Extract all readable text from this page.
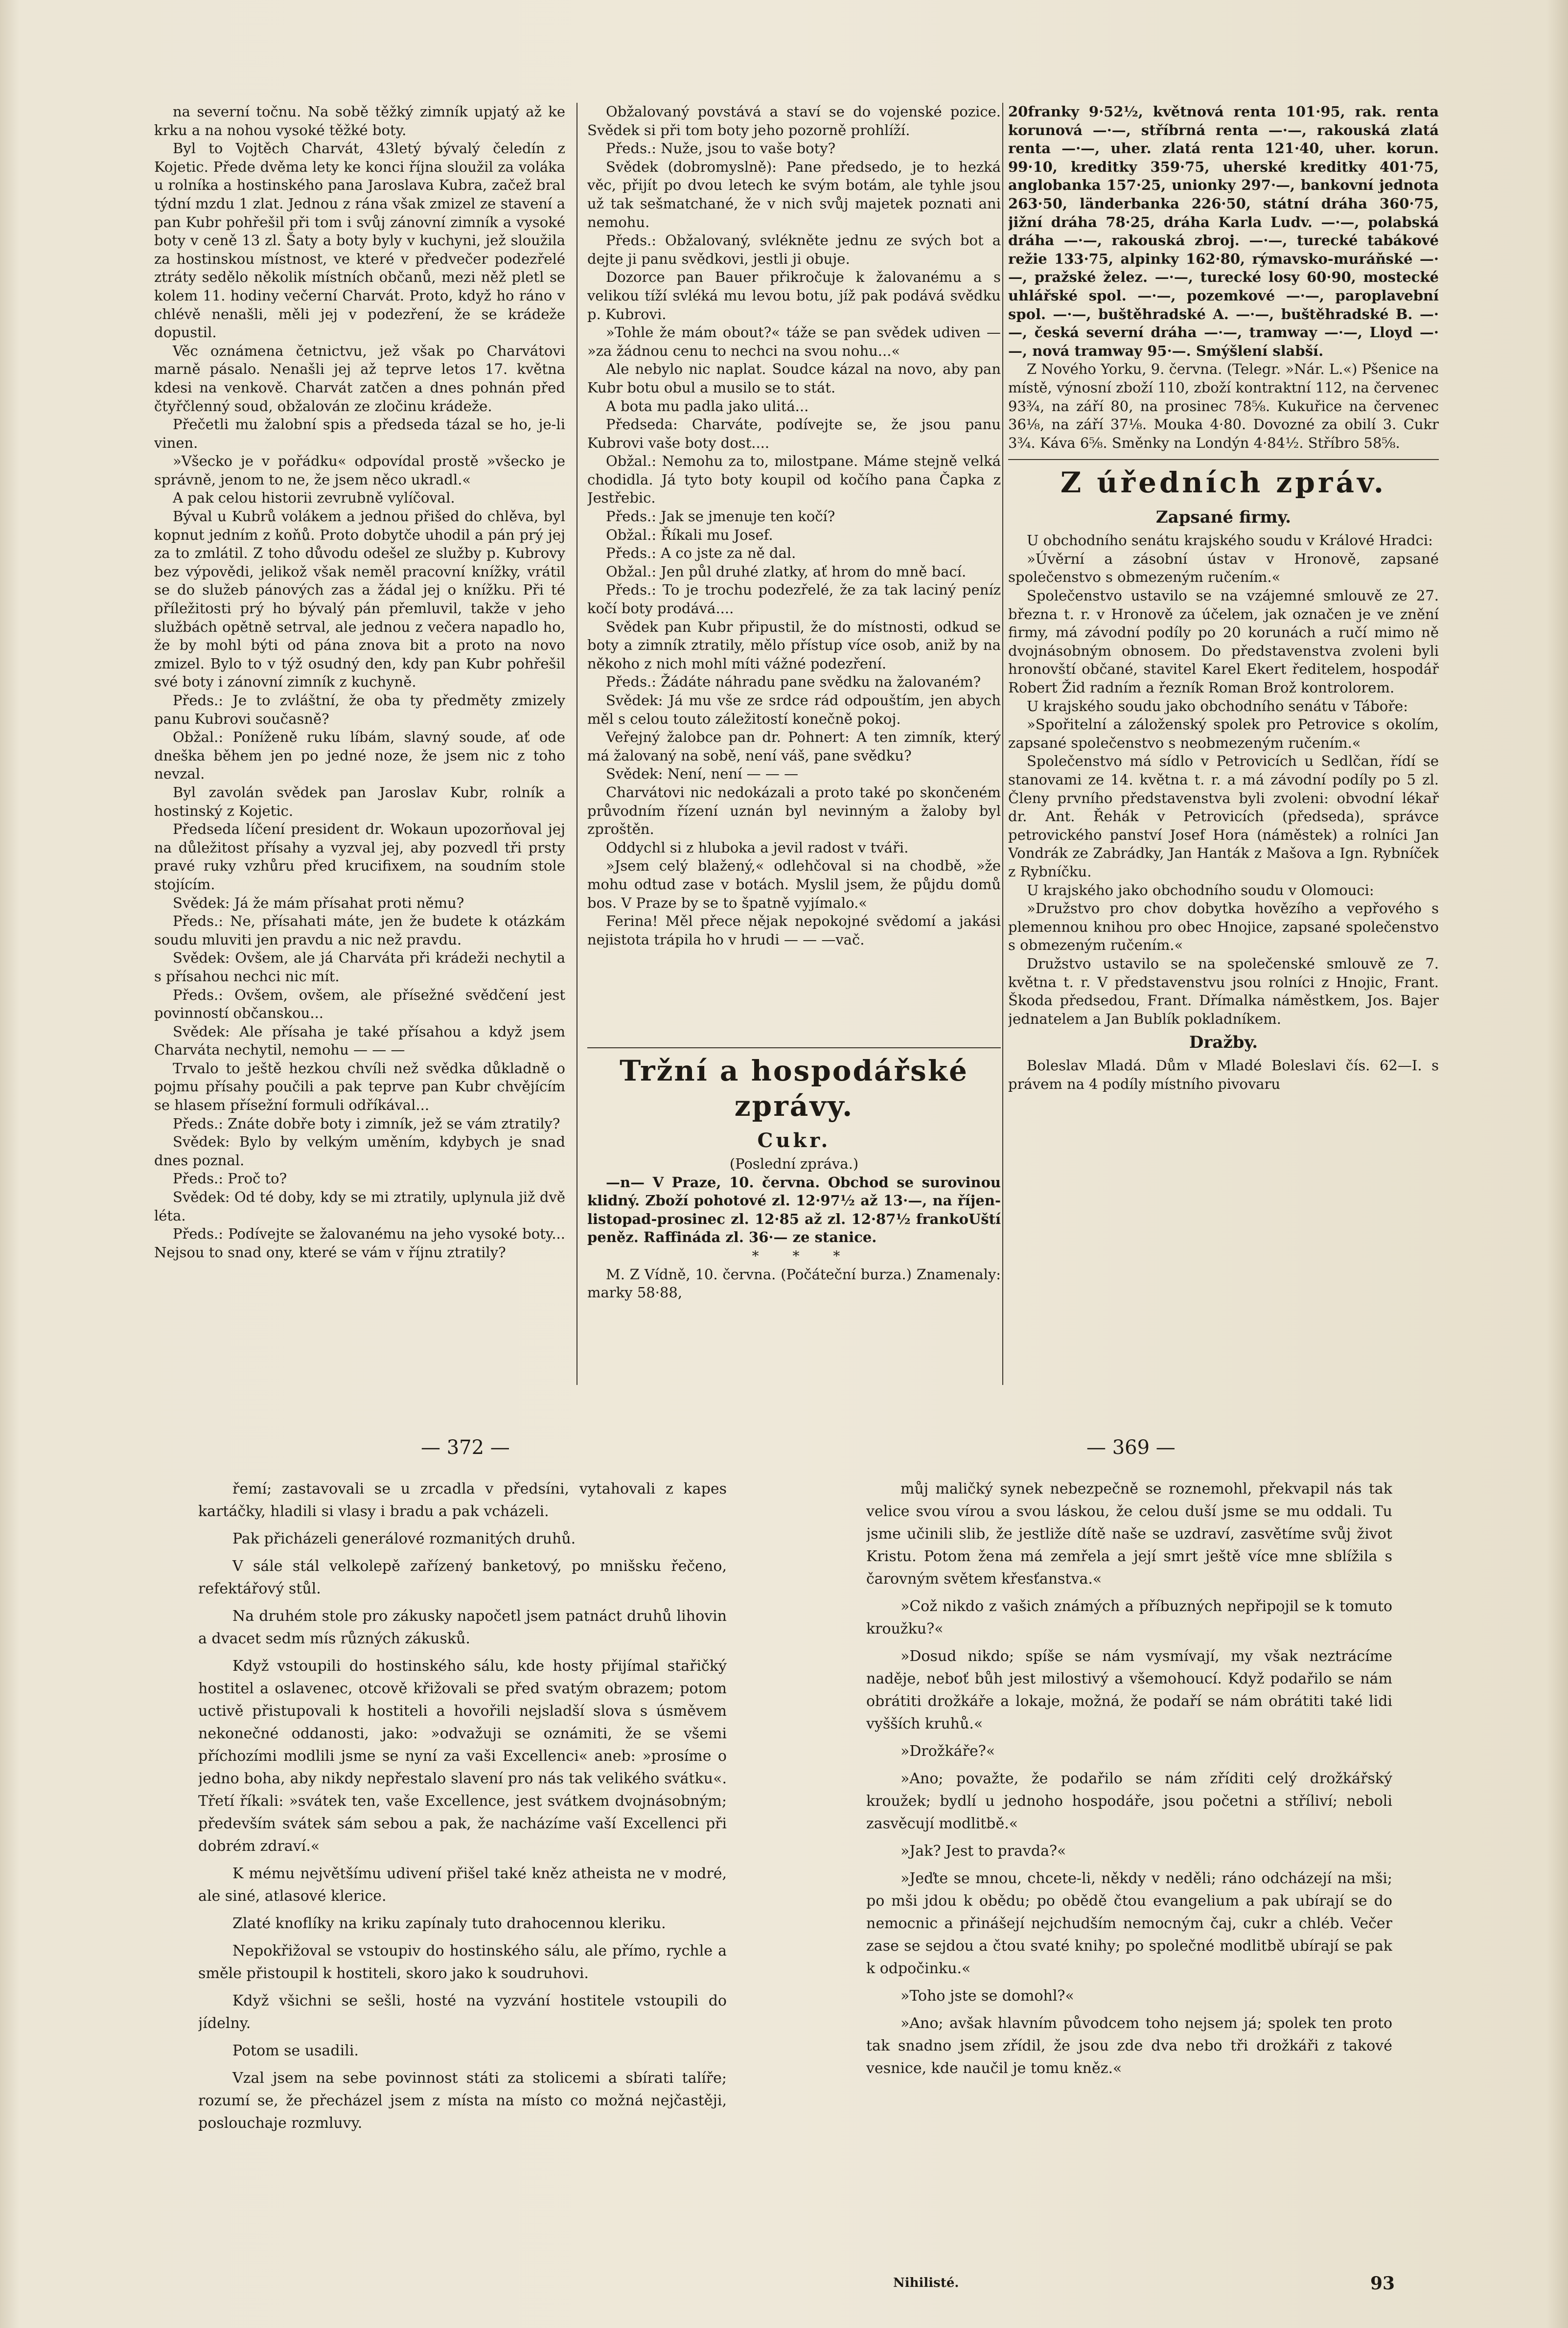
na severní točnu. Na sobě těžký zimník upjatý až ke krku a na nohou vysoké těžké boty.

Byl to Vojtěch Charvát, 43letý bývalý čeledín z Kojetic. Přede dvěma lety ke konci října sloužil za voláka u rolníka a hostinského pana Jaroslava Kubra, začež bral týdní mzdu 1 zlat. Jednou z rána však zmizel ze stavení a pan Kubr pohřešil při tom i svůj zánovní zimník a vysoké boty v ceně 13 zl. Šaty a boty byly v kuchyni, jež sloužila za hostinskou místnost, ve které v předvečer podezřelé ztráty sedělo několik místních občanů, mezi něž pletl se kolem 11. hodiny večerní Charvát. Proto, když ho ráno v chlévě nenašli, měli jej v podezření, že se krádeže dopustil.

Věc oznámena četnictvu, jež však po Charvátovi marně pásalo. Nenašli jej až teprve letos 17. května kdesi na venkově. Charvát zatčen a dnes pohnán před čtyřčlenný soud, obžalován ze zločinu krádeže.

Přečetli mu žalobní spis a předseda tázal se ho, je-li vinen.

»Všecko je v pořádku« odpovídal prostě »všecko je správně, jenom to ne, že jsem něco ukradl.«

A pak celou historii zevrubně vylíčoval.

Býval u Kubrů volákem a jednou přišed do chlěva, byl kopnut jedním z koňů. Proto dobytče uhodil a pán prý jej za to zmlátil. Z toho důvodu odešel ze služby p. Kubrovy bez výpovědi, jelikož však neměl pracovní knížky, vrátil se do služeb pánových zas a žádal jej o knížku. Při té příležitosti prý ho bývalý pán přemluvil, takže v jeho službách opětně setrval, ale jednou z večera napadlo ho, že by mohl býti od pána znova bit a proto na novo zmizel. Bylo to v týž osudný den, kdy pan Kubr pohřešil své boty i zánovní zimník z kuchyně.

Předs.: Je to zvláštní, že oba ty předměty zmizely panu Kubrovi současně?

Obžal.: Poníženě ruku líbám, slavný soude, ať ode dneška během jen po jedné noze, že jsem nic z toho nevzal.

Byl zavolán svědek pan Jaroslav Kubr, rolník a hostinský z Kojetic.

Předseda líčení president dr. Wokaun upozorňoval jej na důležitost přísahy a vyzval jej, aby pozvedl tři prsty pravé ruky vzhůru před krucifixem, na soudním stole stojícím.

Svědek: Já že mám přísahat proti němu?

Předs.: Ne, přísahati máte, jen že budete k otázkám soudu mluviti jen pravdu a nic než pravdu.

Svědek: Ovšem, ale já Charváta při krádeži nechytil a s přísahou nechci nic mít.

Předs.: Ovšem, ovšem, ale přísežné svědčení jest povinností občanskou...

Svědek: Ale přísaha je také přísahou a když jsem Charváta nechytil, nemohu — — —

Trvalo to ještě hezkou chvíli než svědka důkladně o pojmu přísahy poučili a pak teprve pan Kubr chvějícím se hlasem přísežní formuli odříkával...

Předs.: Znáte dobře boty i zimník, jež se vám ztratily?

Svědek: Bylo by velkým uměním, kdybych je snad dnes poznal.

Předs.: Proč to?

Svědek: Od té doby, kdy se mi ztratily, uplynula již dvě léta.

Předs.: Podívejte se žalovanému na jeho vysoké boty... Nejsou to snad ony, které se vám v říjnu ztratily?

Obžalovaný povstává a staví se do vojenské pozice. Svědek si při tom boty jeho pozorně prohlíží.

Předs.: Nuže, jsou to vaše boty?

Svědek (dobromyslně): Pane předsedo, je to hezká věc, přijít po dvou letech ke svým botám, ale tyhle jsou už tak sešmatchané, že v nich svůj majetek poznati ani nemohu.

Předs.: Obžalovaný, svlékněte jednu ze svých bot a dejte ji panu svědkovi, jestli ji obuje.

Dozorce pan Bauer přikročuje k žalovanému a s velikou tíží svléká mu levou botu, jíž pak podává svědku p. Kubrovi.

»Tohle že mám obout?« táže se pan svědek udiven — »za žádnou cenu to nechci na svou nohu...«

Ale nebylo nic naplat. Soudce kázal na novo, aby pan Kubr botu obul a musilo se to stát.

A bota mu padla jako ulitá...

Předseda: Charváte, podívejte se, že jsou panu Kubrovi vaše boty dost....

Obžal.: Nemohu za to, milostpane. Máme stejně velká chodidla. Já tyto boty koupil od kočího pana Čapka z Jestřebic.

Předs.: Jak se jmenuje ten kočí?

Obžal.: Říkali mu Josef.

Předs.: A co jste za ně dal.

Obžal.: Jen půl druhé zlatky, ať hrom do mně bací.

Předs.: To je trochu podezřelé, že za tak laciný peníz kočí boty prodává....

Svědek pan Kubr připustil, že do místnosti, odkud se boty a zimník ztratily, mělo přístup více osob, aniž by na někoho z nich mohl míti vážné podezření.

Předs.: Žádáte náhradu pane svědku na žalovaném?

Svědek: Já mu vše ze srdce rád odpouštím, jen abych měl s celou touto záležitostí konečně pokoj.

Veřejný žalobce pan dr. Pohnert: A ten zimník, který má žalovaný na sobě, není váš, pane svědku?

Svědek: Není, není — — —

Charvátovi nic nedokázali a proto také po skončeném průvodním řízení uznán byl nevinným a žaloby byl zproštěn.

Oddychl si z hluboka a jevil radost v tváři.

»Jsem celý blažený,« odlehčoval si na chodbě, »že mohu odtud zase v botách. Myslil jsem, že půjdu domů bos. V Praze by se to špatně vyjímalo.«

Ferina! Měl přece nějak nepokojné svědomí a jakási nejistota trápila ho v hrudi — — —vač.

Tržní a hospodářské zprávy.
Cukr.

(Poslední zpráva.)

—n— V Praze, 10. června. Obchod se surovinou klidný. Zboží pohotové zl. 12·97½ až 13·—, na říjen-listopad-prosinec zl. 12·85 až zl. 12·87½ frankoUští peněz. Raffináda zl. 36·— ze stanice.

* * *

M. Z Vídně, 10. června. (Počáteční burza.) Znamenaly: marky 58·88,

20franky 9·52½, květnová renta 101·95, rak. renta korunová —·—, stříbrná renta —·—, rakouská zlatá renta —·—, uher. zlatá renta 121·40, uher. korun. 99·10, kreditky 359·75, uherské kreditky 401·75, anglobanka 157·25, unionky 297·—, bankovní jednota 263·50, länderbanka 226·50, státní dráha 360·75, jižní dráha 78·25, dráha Karla Ludv. —·—, polabská dráha —·—, rakouská zbroj. —·—, turecké tabákové režie 133·75, alpinky 162·80, rýmavsko-muráňské —·—, pražské želez. —·—, turecké losy 60·90, mostecké uhlářské spol. —·—, pozemkové —·—, paroplavební spol. —·—, buštěhradské A. —·—, buštěhradské B. —·—, česká severní dráha —·—, tramway —·—, Lloyd —·—, nová tramway 95·—. Smýšlení slabší.

Z Nového Yorku, 9. června. (Telegr. »Nár. L.«) Pšenice na místě, výnosní zboží 110, zboží kontraktní 112, na červenec 93¾, na září 80, na prosinec 78⅝. Kukuřice na červenec 36⅛, na září 37⅛. Mouka 4·80. Dovozné za obilí 3. Cukr 3¾. Káva 6⅝. Směnky na Londýn 4·84½. Stříbro 58⅝.

Z úředních zpráv.
Zapsané firmy.

U obchodního senátu krajského soudu v Králové Hradci:

»Úvěrní a zásobní ústav v Hronově, zapsané společenstvo s obmezeným ručením.«

Společenstvo ustavilo se na vzájemné smlouvě ze 27. března t. r. v Hronově za účelem, jak označen je ve znění firmy, má závodní podíly po 20 korunách a ručí mimo ně dvojnásobným obnosem. Do představenstva zvoleni byli hronovští občané, stavitel Karel Ekert ředitelem, hospodář Robert Žid radním a řezník Roman Brož kontrolorem.

U krajského soudu jako obchodního senátu v Táboře:

»Spořitelní a záloženský spolek pro Petrovice s okolím, zapsané společenstvo s neobmezeným ručením.«

Společenstvo má sídlo v Petrovicích u Sedlčan, řídí se stanovami ze 14. května t. r. a má závodní podíly po 5 zl. Členy prvního představenstva byli zvoleni: obvodní lékař dr. Ant. Řehák v Petrovicích (předseda), správce petrovického panství Josef Hora (náměstek) a rolníci Jan Vondrák ze Zabrádky, Jan Hanták z Mašova a Ign. Rybníček z Rybníčku.

U krajského jako obchodního soudu v Olomouci:

»Družstvo pro chov dobytka hovězího a vepřového s plemennou knihou pro obec Hnojice, zapsané společenstvo s obmezeným ručením.«

Družstvo ustavilo se na společenské smlouvě ze 7. května t. r. V představenstvu jsou rolníci z Hnojic, Frant. Škoda předsedou, Frant. Dřímalka náměstkem, Jos. Bajer jednatelem a Jan Bublík pokladníkem.

Dražby.

Boleslav Mladá. Dům v Mladé Boleslavi čís. 62—I. s právem na 4 podíly místního pivovaru

— 372 —	— 369 —

řemí; zastavovali se u zrcadla v předsíni, vytahovali z kapes kartáčky, hladili si vlasy i bradu a pak vcházeli.

Pak přicházeli generálové rozmanitých druhů.

V sále stál velkolepě zařízený banketový, po mnišsku řečeno, refektářový stůl.

Na druhém stole pro zákusky napočetl jsem patnáct druhů lihovin a dvacet sedm mís různých zákusků.

Když vstoupili do hostinského sálu, kde hosty přijímal stařičký hostitel a oslavenec, otcově křižovali se před svatým obrazem; potom uctivě přistupovali k hostiteli a hovořili nejsladší slova s úsměvem nekonečné oddanosti, jako: »odvažuji se oznámiti, že se všemi příchozími modlili jsme se nyní za vaši Excellenci« aneb: »prosíme o jedno boha, aby nikdy nepřestalo slavení pro nás tak velikého svátku«. Třetí říkali: »svátek ten, vaše Excellence, jest svátkem dvojnásobným; především svátek sám sebou a pak, že nacházíme vaší Excellenci při dobrém zdraví.«

K mému největšímu udivení přišel také kněz atheista ne v modré, ale siné, atlasové klerice.

Zlaté knoflíky na kriku zapínaly tuto drahocennou kleriku.

Nepokřižoval se vstoupiv do hostinského sálu, ale přímo, rychle a směle přistoupil k hostiteli, skoro jako k soudruhovi.

Když všichni se sešli, hosté na vyzvání hostitele vstoupili do jídelny.

Potom se usadili.

Vzal jsem na sebe povinnost státi za stolicemi a sbírati talíře; rozumí se, že přecházel jsem z místa na místo co možná nejčastěji, poslouchaje rozmluvy.

můj maličký synek nebezpečně se roznemohl, překvapil nás tak velice svou vírou a svou láskou, že celou duší jsme se mu oddali. Tu jsme učinili slib, že jestliže dítě naše se uzdraví, zasvětíme svůj život Kristu. Potom žena má zemřela a její smrt ještě více mne sblížila s čarovným světem křesťanstva.«

»Což nikdo z vašich známých a příbuzných nepřipojil se k tomuto kroužku?«

»Dosud nikdo; spíše se nám vysmívají, my však neztrácíme naděje, neboť bůh jest milostivý a všemohoucí. Když podařilo se nám obrátiti drožkáře a lokaje, možná, že podaří se nám obrátiti také lidi vyšších kruhů.«

»Drožkáře?«

»Ano; považte, že podařilo se nám zříditi celý drožkářský kroužek; bydlí u jednoho hospodáře, jsou početni a stříliví; neboli zasvěcují modlitbě.«

»Jak? Jest to pravda?«

»Jeďte se mnou, chcete-li, někdy v neděli; ráno odcházejí na mši; po mši jdou k obědu; po obědě čtou evangelium a pak ubírají se do nemocnic a přinášejí nejchudším nemocným čaj, cukr a chléb. Večer zase se sejdou a čtou svaté knihy; po společné modlitbě ubírají se pak k odpočinku.«

»Toho jste se domohl?«

»Ano; avšak hlavním původcem toho nejsem já; spolek ten proto tak snadno jsem zřídil, že jsou zde dva nebo tři drožkáři z takové vesnice, kde naučil je tomu kněz.«

Nihilisté.	93
